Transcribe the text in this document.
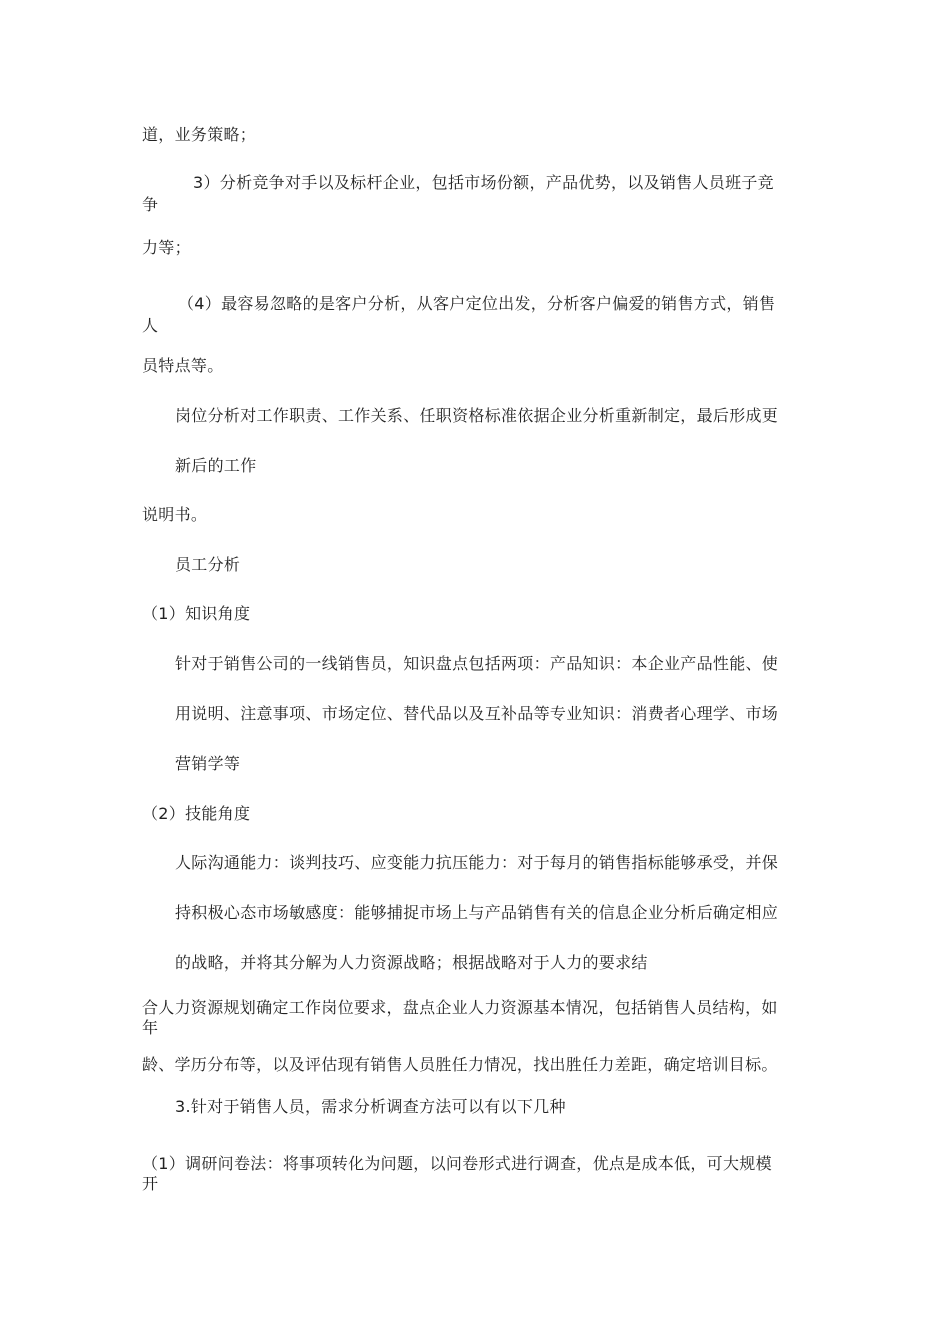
道，业务策略；
3）分析竞争对手以及标杆企业，包括市场份额，产品优势，以及销售人员班子竞
争
力等；
（4）最容易忽略的是客户分析，从客户定位出发，分析客户偏爱的销售方式，销售
人
员特点等。
岗位分析对工作职责、工作关系、任职资格标准依据企业分析重新制定，最后形成更
新后的工作
说明书。
员工分析
（1）知识角度
针对于销售公司的一线销售员，知识盘点包括两项：产品知识：本企业产品性能、使
用说明、注意事项、市场定位、替代品以及互补品等专业知识：消费者心理学、市场
营销学等
（2）技能角度
人际沟通能力：谈判技巧、应变能力抗压能力：对于每月的销售指标能够承受，并保
持积极心态市场敏感度：能够捕捉市场上与产品销售有关的信息企业分析后确定相应
的战略，并将其分解为人力资源战略；根据战略对于人力的要求结
合人力资源规划确定工作岗位要求，盘点企业人力资源基本情况，包括销售人员结构，如
年
龄、学历分布等，以及评估现有销售人员胜任力情况，找出胜任力差距，确定培训目标。
3.针对于销售人员，需求分析调查方法可以有以下几种
（1）调研问卷法：将事项转化为问题，以问卷形式进行调查，优点是成本低，可大规模
开
